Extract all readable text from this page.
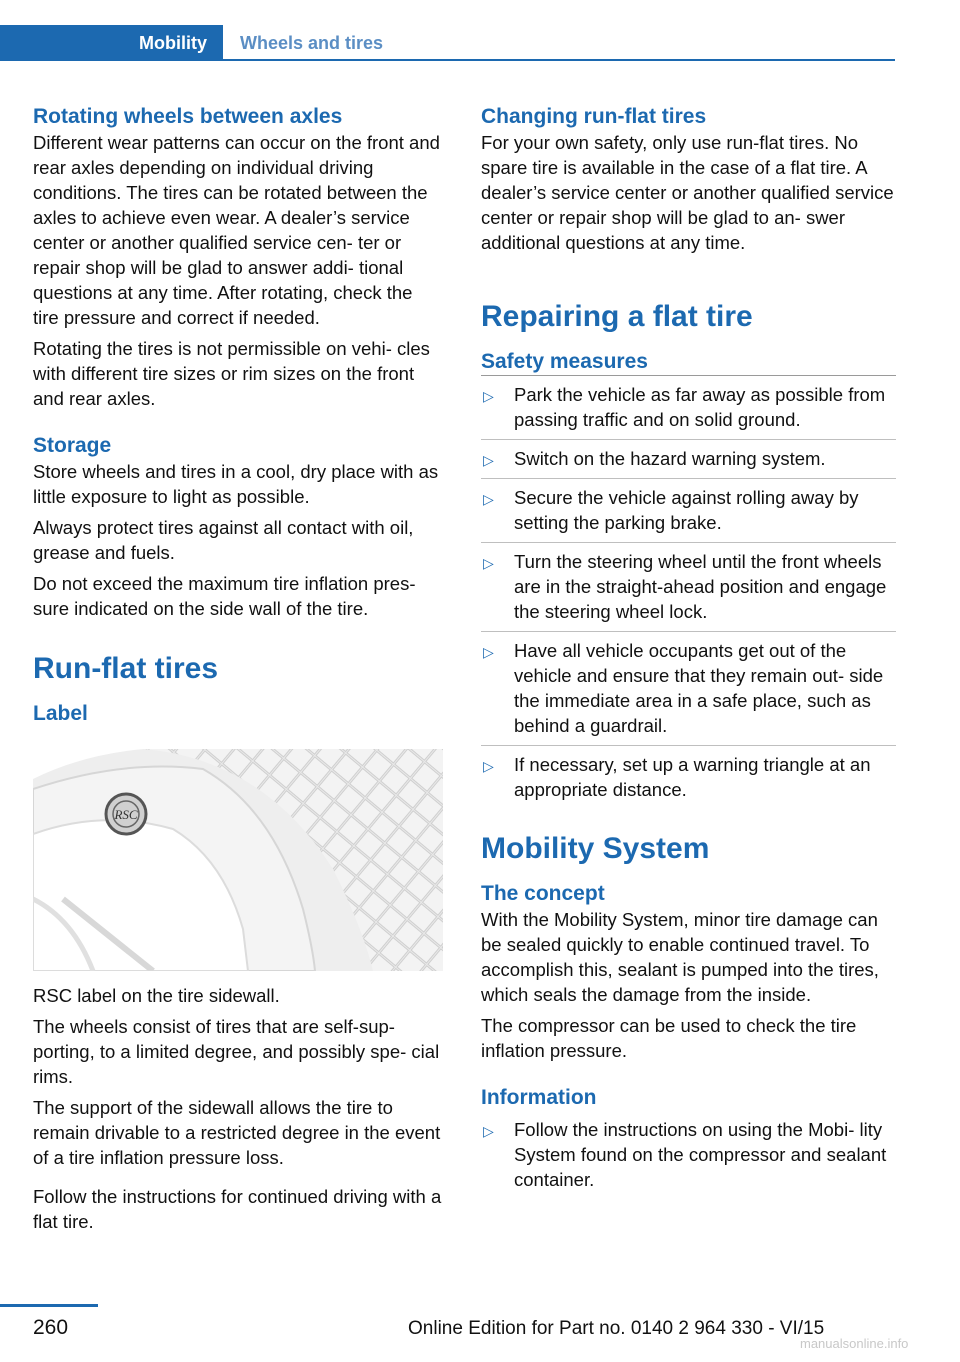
Mobility	Wheels and tires
Rotating wheels between axles

Different wear patterns can occur on the front and rear axles depending on individual driving conditions. The tires can be rotated between the axles to achieve even wear. A dealer’s service center or another qualified service cen‐ ter or repair shop will be glad to answer addi‐ tional questions at any time. After rotating, check the tire pressure and correct if needed.

Rotating the tires is not permissible on vehi‐ cles with different tire sizes or rim sizes on the front and rear axles.

Storage

Store wheels and tires in a cool, dry place with as little exposure to light as possible.

Always protect tires against all contact with oil, grease and fuels.

Do not exceed the maximum tire inflation pres‐ sure indicated on the side wall of the tire.

Run-flat tires
Label
RSC

RSC label on the tire sidewall.

The wheels consist of tires that are self-sup‐ porting, to a limited degree, and possibly spe‐ cial rims.

The support of the sidewall allows the tire to remain drivable to a restricted degree in the event of a tire inflation pressure loss.

Follow the instructions for continued driving with a flat tire.

Changing run-flat tires

For your own safety, only use run-flat tires. No spare tire is available in the case of a flat tire. A dealer’s service center or another qualified service center or repair shop will be glad to an‐ swer additional questions at any time.

Repairing a flat tire
Safety measures
▷ Park the vehicle as far away as possible from passing traffic and on solid ground.
▷ Switch on the hazard warning system.
▷ Secure the vehicle against rolling away by setting the parking brake.
▷ Turn the steering wheel until the front wheels are in the straight-ahead position and engage the steering wheel lock.
▷ Have all vehicle occupants get out of the vehicle and ensure that they remain out‐ side the immediate area in a safe place, such as behind a guardrail.
▷ If necessary, set up a warning triangle at an appropriate distance.
Mobility System
The concept

With the Mobility System, minor tire damage can be sealed quickly to enable continued travel. To accomplish this, sealant is pumped into the tires, which seals the damage from the inside.

The compressor can be used to check the tire inflation pressure.

Information
▷ Follow the instructions on using the Mobi‐ lity System found on the compressor and sealant container.
260	Online Edition for Part no. 0140 2 964 330 - VI/15
manualsonline.info
